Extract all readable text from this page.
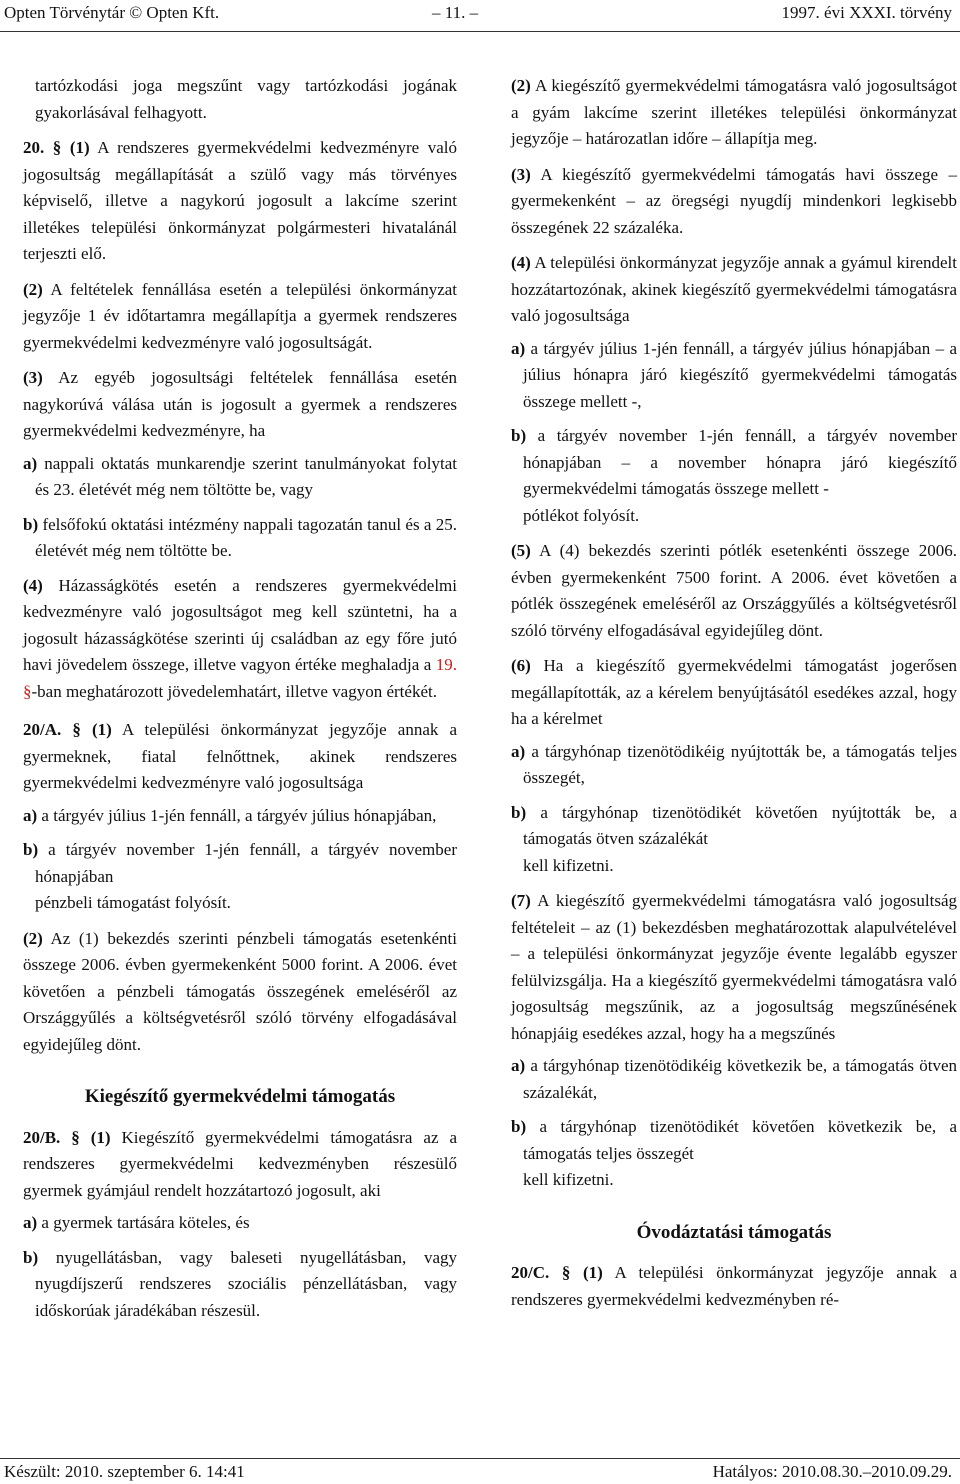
Opten Törvénytár © Opten Kft.	– 11. –	1997. évi XXXI. törvény

tartózkodási joga megszűnt vagy tartózkodási jogának gyakorlásával felhagyott.

20. § (1) A rendszeres gyermekvédelmi kedvezményre való jogosultság megállapítását a szülő vagy más törvényes képviselő, illetve a nagykorú jogosult a lakcíme szerint illetékes települési önkormányzat polgármesteri hivatalánál terjeszti elő.

(2) A feltételek fennállása esetén a települési önkormányzat jegyzője 1 év időtartamra megállapítja a gyermek rendszeres gyermekvédelmi kedvezményre való jogosultságát.

(3) Az egyéb jogosultsági feltételek fennállása esetén nagykorúvá válása után is jogosult a gyermek a rendszeres gyermekvédelmi kedvezményre, ha

a) nappali oktatás munkarendje szerint tanulmányokat folytat és 23. életévét még nem töltötte be, vagy
b) felsőfokú oktatási intézmény nappali tagozatán tanul és a 25. életévét még nem töltötte be.

(4) Házasságkötés esetén a rendszeres gyermekvédelmi kedvezményre való jogosultságot meg kell szüntetni, ha a jogosult házasságkötése szerinti új családban az egy főre jutó havi jövedelem összege, illetve vagyon értéke meghaladja a 19. §-ban meghatározott jövedelemhatárt, illetve vagyon értékét.

20/A. § (1) A települési önkormányzat jegyzője annak a gyermeknek, fiatal felnőttnek, akinek rendszeres gyermekvédelmi kedvezményre való jogosultsága

a) a tárgyév július 1-jén fennáll, a tárgyév július hónapjában,
b) a tárgyév november 1-jén fennáll, a tárgyév november hónapjában
pénzbeli támogatást folyósít.

(2) Az (1) bekezdés szerinti pénzbeli támogatás esetenkénti összege 2006. évben gyermekenként 5000 forint. A 2006. évet követően a pénzbeli támogatás összegének emeléséről az Országgyűlés a költségvetésről szóló törvény elfogadásával egyidejűleg dönt.

Kiegészítő gyermekvédelmi támogatás

20/B. § (1) Kiegészítő gyermekvédelmi támogatásra az a rendszeres gyermekvédelmi kedvezményben részesülő gyermek gyámjául rendelt hozzátartozó jogosult, aki

a) a gyermek tartására köteles, és
b) nyugellátásban, vagy baleseti nyugellátásban, vagy nyugdíjszerű rendszeres szociális pénzellátásban, vagy időskorúak járadékában részesül.

(2) A kiegészítő gyermekvédelmi támogatásra való jogosultságot a gyám lakcíme szerint illetékes települési önkormányzat jegyzője – határozatlan időre – állapítja meg.

(3) A kiegészítő gyermekvédelmi támogatás havi összege – gyermekenként – az öregségi nyugdíj mindenkori legkisebb összegének 22 százaléka.

(4) A települési önkormányzat jegyzője annak a gyámul kirendelt hozzátartozónak, akinek kiegészítő gyermekvédelmi támogatásra való jogosultsága

a) a tárgyév július 1-jén fennáll, a tárgyév július hónapjában – a július hónapra járó kiegészítő gyermekvédelmi támogatás összege mellett -,
b) a tárgyév november 1-jén fennáll, a tárgyév november hónapjában – a november hónapra járó kiegészítő gyermekvédelmi támogatás összege mellett -
pótlékot folyósít.

(5) A (4) bekezdés szerinti pótlék esetenkénti összege 2006. évben gyermekenként 7500 forint. A 2006. évet követően a pótlék összegének emeléséről az Országgyűlés a költségvetésről szóló törvény elfogadásával egyidejűleg dönt.

(6) Ha a kiegészítő gyermekvédelmi támogatást jogerősen megállapították, az a kérelem benyújtásától esedékes azzal, hogy ha a kérelmet

a) a tárgyhónap tizenötödikéig nyújtották be, a támogatás teljes összegét,
b) a tárgyhónap tizenötödikét követően nyújtották be, a támogatás ötven százalékát
kell kifizetni.

(7) A kiegészítő gyermekvédelmi támogatásra való jogosultság feltételeit – az (1) bekezdésben meghatározottak alapulvételével – a települési önkormányzat jegyzője évente legalább egyszer felülvizsgálja. Ha a kiegészítő gyermekvédelmi támogatásra való jogosultság megszűnik, az a jogosultság megszűnésének hónapjáig esedékes azzal, hogy ha a megszűnés

a) a tárgyhónap tizenötödikéig következik be, a támogatás ötven százalékát,
b) a tárgyhónap tizenötödikét követően következik be, a támogatás teljes összegét
kell kifizetni.
Óvodáztatási támogatás

20/C. § (1) A települési önkormányzat jegyzője annak a rendszeres gyermekvédelmi kedvezményben ré-

Készült: 2010. szeptember 6. 14:41	Hatályos: 2010.08.30.–2010.09.29.
